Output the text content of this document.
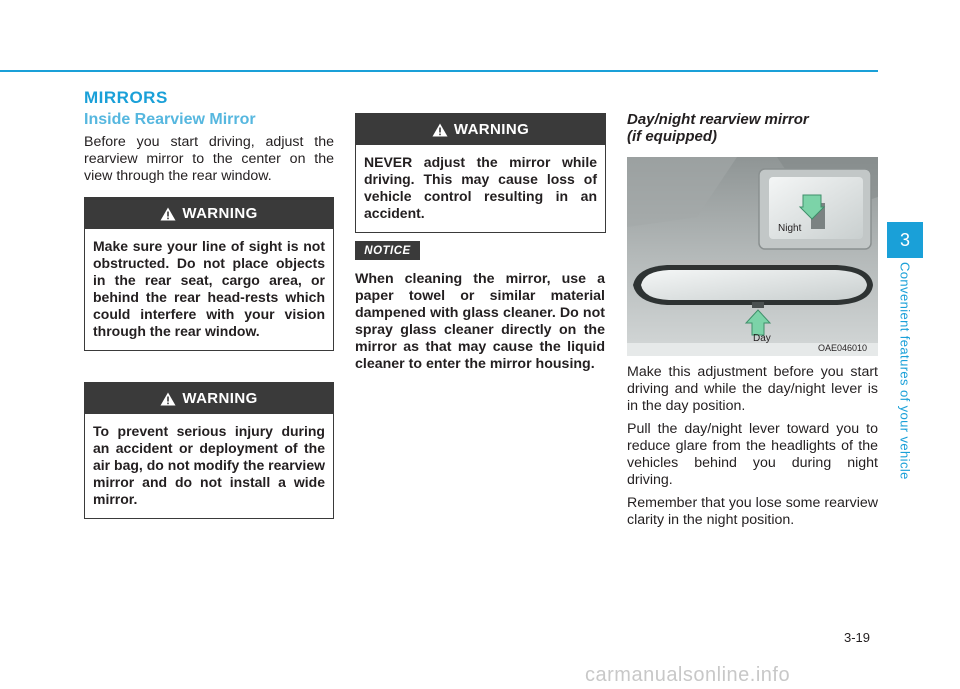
MIRRORS
Inside Rearview Mirror

Before you start driving, adjust the rearview mirror to the center on the view through the rear window.

WARNING
Make sure your line of sight is not obstructed. Do not place objects in the rear seat, cargo area, or behind the rear head-rests which could interfere with your vision through the rear window.
WARNING
To prevent serious injury during an accident or deployment of the air bag, do not modify the rearview mirror and do not install a wide mirror.
WARNING
NEVER adjust the mirror while driving. This may cause loss of vehicle control resulting in an accident.
NOTICE

When cleaning the mirror, use a paper towel or similar material dampened with glass cleaner. Do not spray glass cleaner directly on the mirror as that may cause the liquid cleaner to enter the mirror housing.

Day/night rearview mirror
(if equipped)
Night
Day
OAE046010

Make this adjustment before you start driving and while the day/night lever is in the day position.

Pull the day/night lever toward you to reduce glare from the headlights of the vehicles behind you during night driving.

Remember that you lose some rearview clarity in the night position.

3
Convenient features of your vehicle
3-19
carmanualsonline.info
